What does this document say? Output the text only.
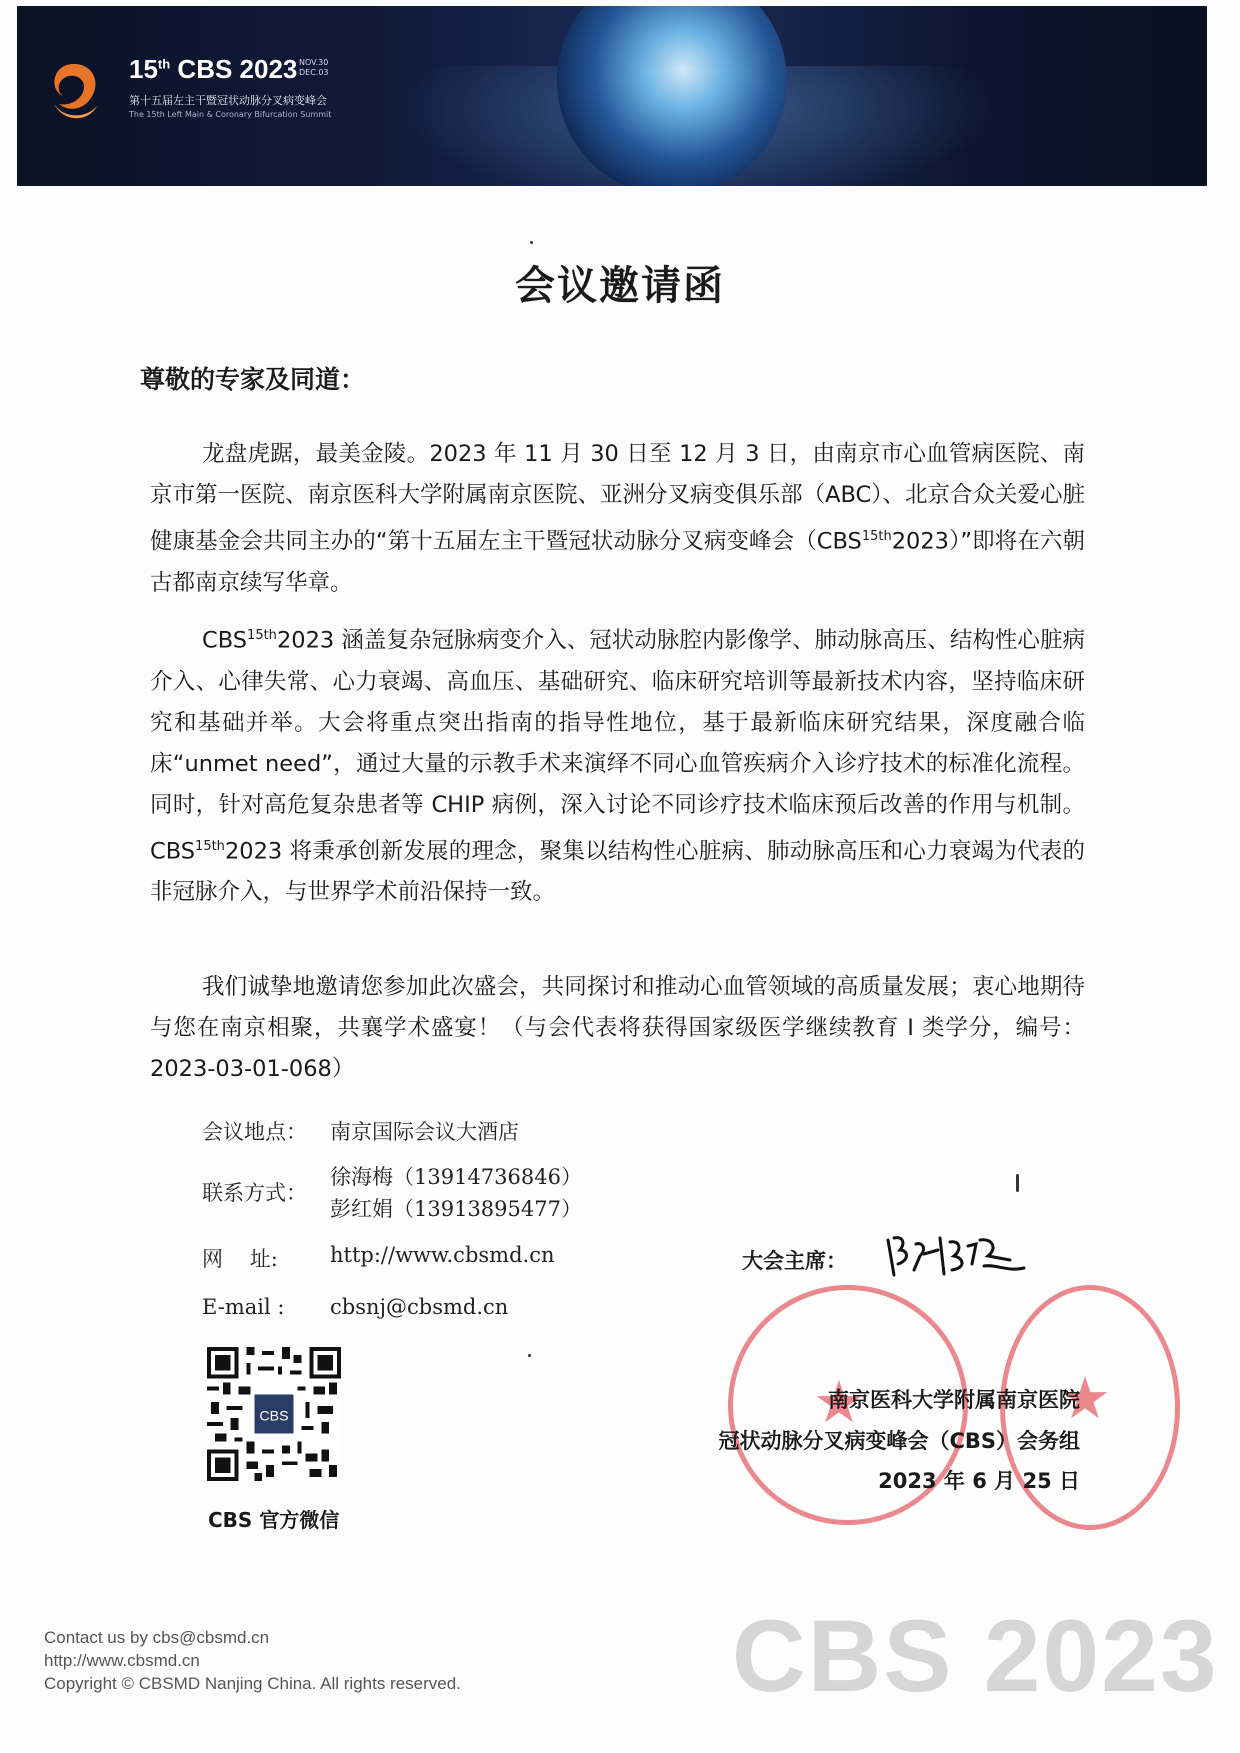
15th CBS 2023 NOV.30
DEC.03
第十五届左主干暨冠状动脉分叉病变峰会
The 15th Left Main & Coronary Bifurcation Summit
会议邀请函
尊敬的专家及同道：
龙盘虎踞，最美金陵。2023 年 11 月 30 日至 12 月 3 日，由南京市心血管病医院、南京市第一医院、南京医科大学附属南京医院、亚洲分叉病变俱乐部（ABC）、北京合众关爱心脏健康基金会共同主办的“第十五届左主干暨冠状动脉分叉病变峰会$(CBS^{15th}2023)$”即将在六朝古都南京续写华章。
$CBS^{15th}2023$ 涵盖复杂冠脉病变介入、冠状动脉腔内影像学、肺动脉高压、结构性心脏病介入、心律失常、心力衰竭、高血压、基础研究、临床研究培训等最新技术内容，坚持临床研究和基础并举。大会将重点突出指南的指导性地位，基于最新临床研究结果，深度融合临床“unmet need”，通过大量的示教手术来演绎不同心血管疾病介入诊疗技术的标准化流程。同时，针对高危复杂患者等 CHIP 病例，深入讨论不同诊疗技术临床预后改善的作用与机制。$CBS^{15th}2023$ 将秉承创新发展的理念，聚集以结构性心脏病、肺动脉高压和心力衰竭为代表的非冠脉介入，与世界学术前沿保持一致。
我们诚挚地邀请您参加此次盛会，共同探讨和推动心血管领域的高质量发展；衷心地期待与您在南京相聚，共襄学术盛宴！（与会代表将获得国家级医学继续教育 I 类学分，编号：2023-03-01-068）
会议地点： 南京国际会议大酒店
联系方式：
徐海梅（13914736846）
彭红娟（13913895477）
网    址: http://www.cbsmd.cn
E-mail : cbsnj@cbsmd.cn
CBS
CBS 官方微信
★	★
大会主席：
南京医科大学附属南京医院
冠状动脉分叉病变峰会（CBS）会务组
2023 年 6 月 25 日
Contact us by cbs@cbsmd.cn
http://www.cbsmd.cn
Copyright © CBSMD Nanjing China. All rights reserved.	CBS 2023
